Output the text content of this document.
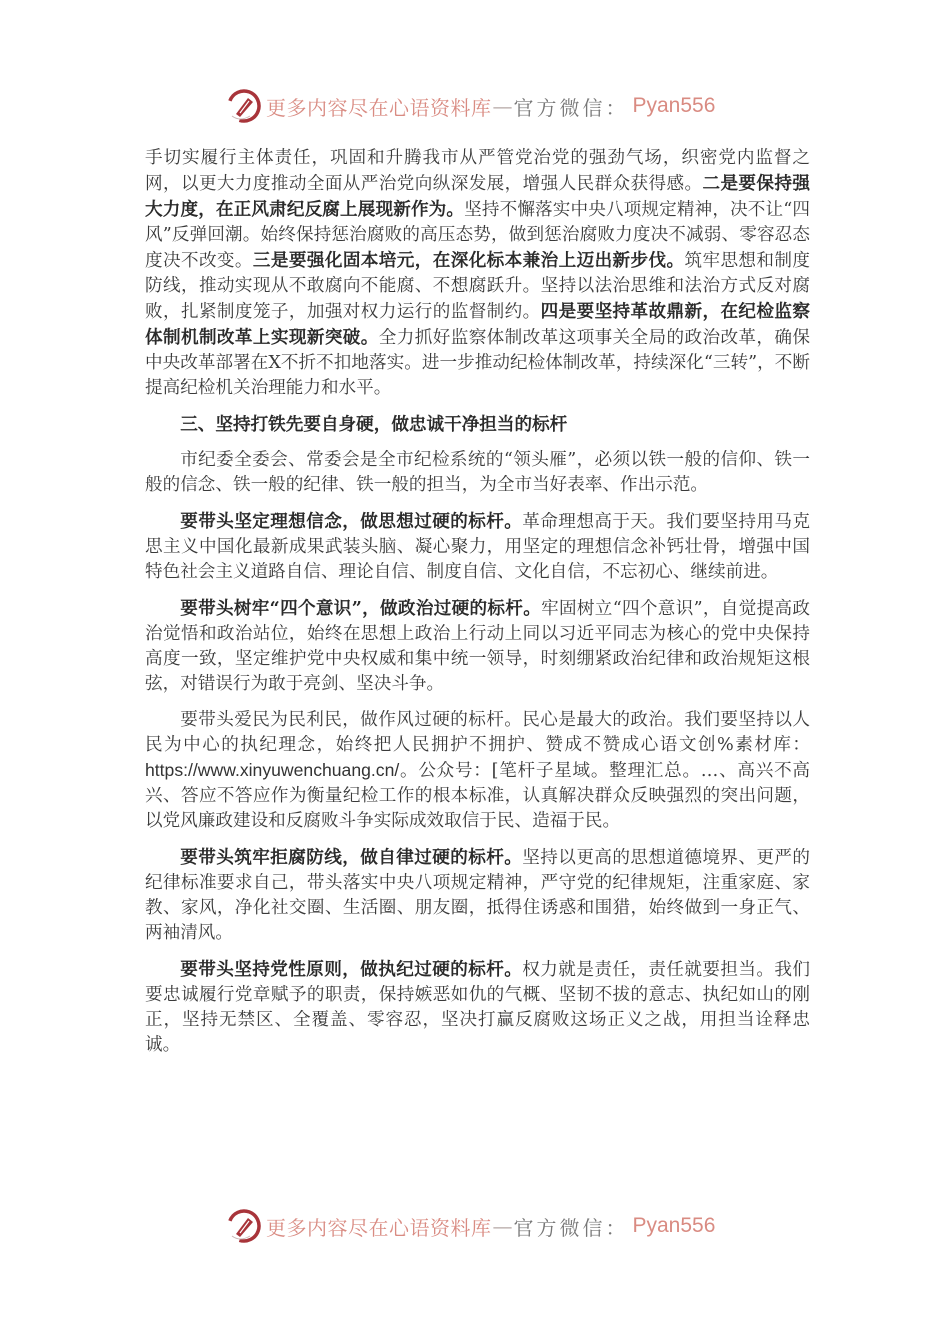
更多内容尽在心语资料库 — 官方微信： Pyan556

手切实履行主体责任，巩固和升腾我市从严管党治党的强劲气场，织密党内监督之网，以更大力度推动全面从严治党向纵深发展，增强人民群众获得感。二是要保持强大力度，在正风肃纪反腐上展现新作为。坚持不懈落实中央八项规定精神，决不让“四风”反弹回潮。始终保持惩治腐败的高压态势，做到惩治腐败力度决不减弱、零容忍态度决不改变。三是要强化固本培元，在深化标本兼治上迈出新步伐。筑牢思想和制度防线，推动实现从不敢腐向不能腐、不想腐跃升。坚持以法治思维和法治方式反对腐败，扎紧制度笼子，加强对权力运行的监督制约。四是要坚持革故鼎新，在纪检监察体制机制改革上实现新突破。全力抓好监察体制改革这项事关全局的政治改革，确保中央改革部署在X不折不扣地落实。进一步推动纪检体制改革，持续深化“三转”，不断提高纪检机关治理能力和水平。

三、坚持打铁先要自身硬，做忠诚干净担当的标杆

市纪委全委会、常委会是全市纪检系统的“领头雁”，必须以铁一般的信仰、铁一般的信念、铁一般的纪律、铁一般的担当，为全市当好表率、作出示范。

要带头坚定理想信念，做思想过硬的标杆。革命理想高于天。我们要坚持用马克思主义中国化最新成果武装头脑、凝心聚力，用坚定的理想信念补钙壮骨，增强中国特色社会主义道路自信、理论自信、制度自信、文化自信，不忘初心、继续前进。

要带头树牢“四个意识”，做政治过硬的标杆。牢固树立“四个意识”，自觉提高政治觉悟和政治站位，始终在思想上政治上行动上同以习近平同志为核心的党中央保持高度一致，坚定维护党中央权威和集中统一领导，时刻绷紧政治纪律和政治规矩这根弦，对错误行为敢于亮剑、坚决斗争。

要带头爱民为民利民，做作风过硬的标杆。民心是最大的政治。我们要坚持以人民为中心的执纪理念，始终把人民拥护不拥护、赞成不赞成心语文创%素材库：https://www.xinyuwenchuang.cn/。公众号：[笔杆子星域。整理汇总。…、高兴不高兴、答应不答应作为衡量纪检工作的根本标准，认真解决群众反映强烈的突出问题，以党风廉政建设和反腐败斗争实际成效取信于民、造福于民。

要带头筑牢拒腐防线，做自律过硬的标杆。坚持以更高的思想道德境界、更严的纪律标准要求自己，带头落实中央八项规定精神，严守党的纪律规矩，注重家庭、家教、家风，净化社交圈、生活圈、朋友圈，抵得住诱惑和围猎，始终做到一身正气、两袖清风。

要带头坚持党性原则，做执纪过硬的标杆。权力就是责任，责任就要担当。我们要忠诚履行党章赋予的职责，保持嫉恶如仇的气概、坚韧不拔的意志、执纪如山的刚正，坚持无禁区、全覆盖、零容忍，坚决打赢反腐败这场正义之战，用担当诠释忠诚。

更多内容尽在心语资料库 — 官方微信： Pyan556
